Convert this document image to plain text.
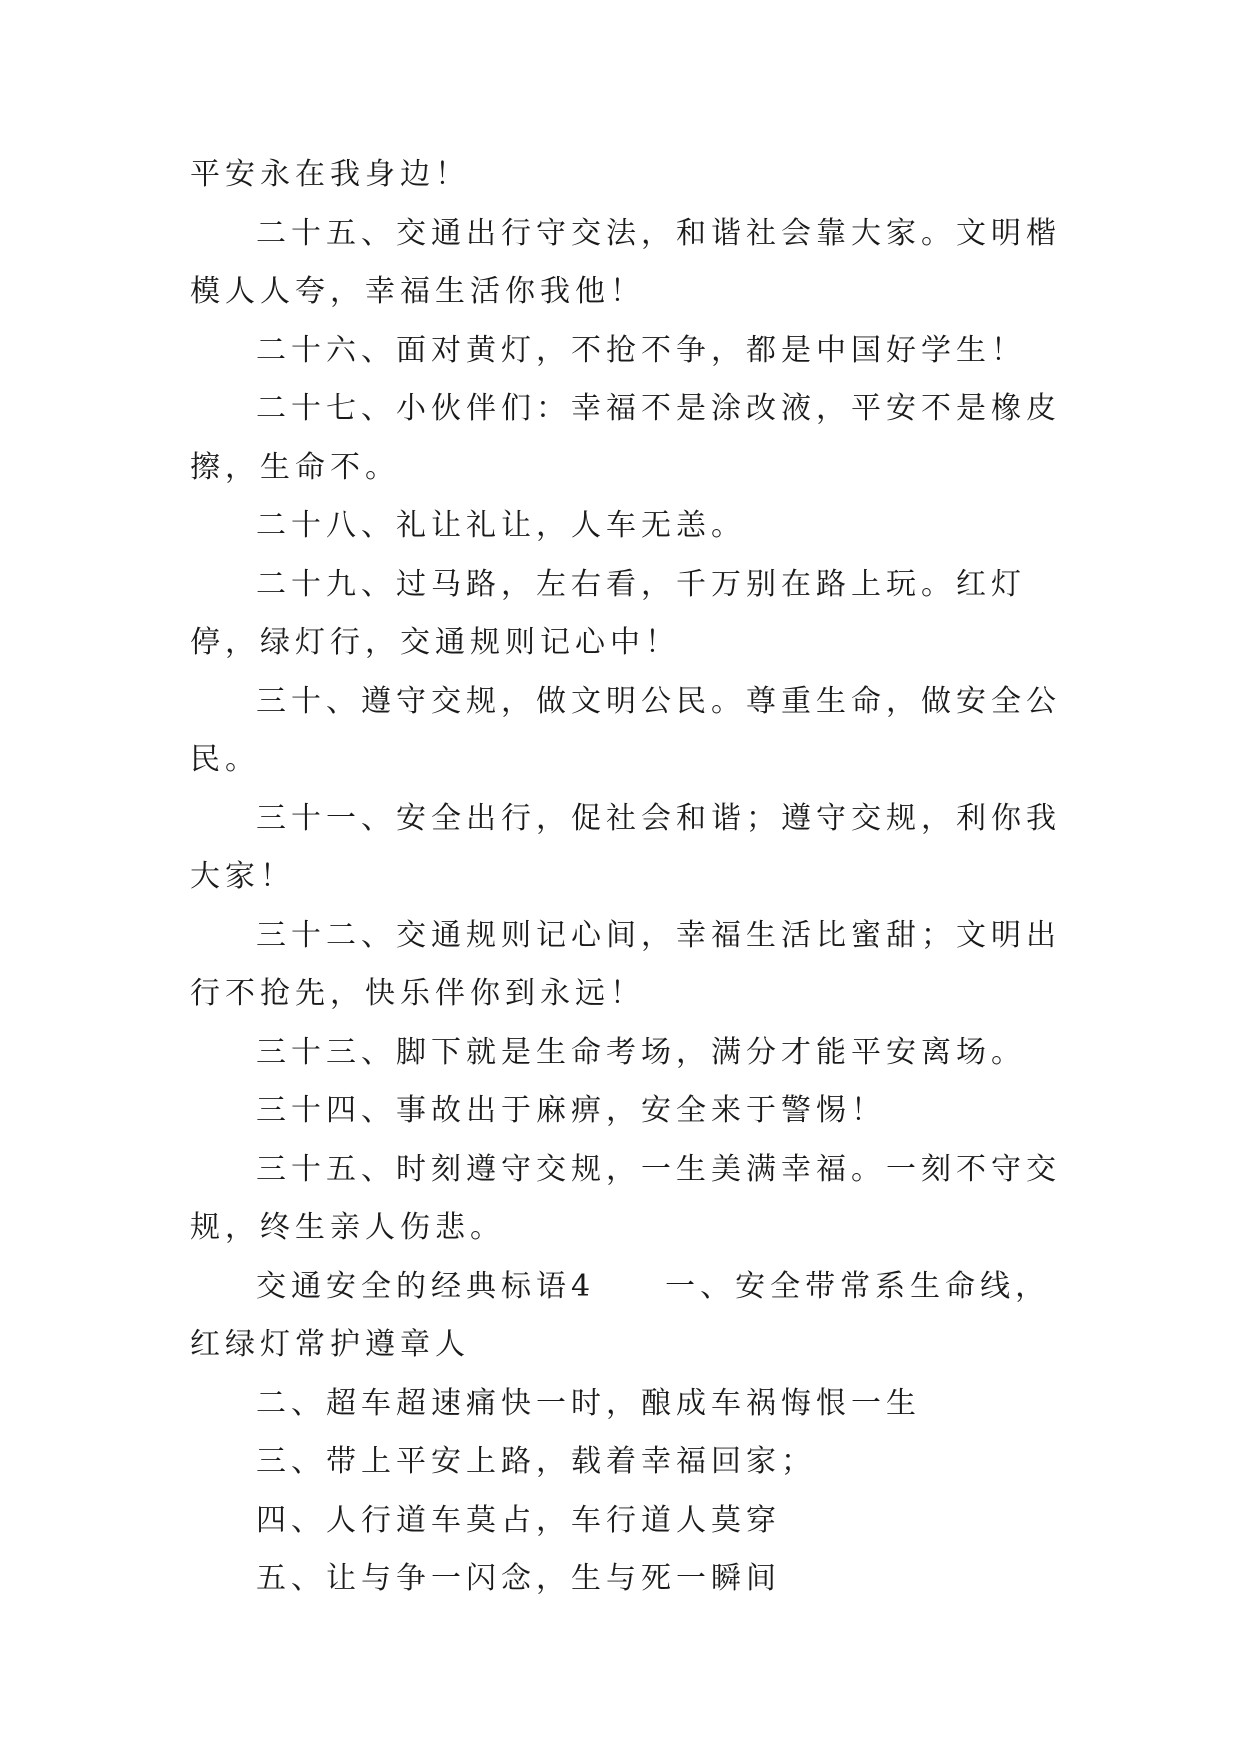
平安永在我身边！

二十五、交通出行守交法，和谐社会靠大家。文明楷模人人夸，幸福生活你我他！

二十六、面对黄灯，不抢不争，都是中国好学生！

二十七、小伙伴们：幸福不是涂改液，平安不是橡皮擦，生命不。

二十八、礼让礼让，人车无恙。

二十九、过马路，左右看，千万别在路上玩。红灯停，绿灯行，交通规则记心中！

三十、遵守交规，做文明公民。尊重生命，做安全公民。

三十一、安全出行，促社会和谐；遵守交规，利你我大家！

三十二、交通规则记心间，幸福生活比蜜甜；文明出行不抢先，快乐伴你到永远！

三十三、脚下就是生命考场，满分才能平安离场。

三十四、事故出于麻痹，安全来于警惕！

三十五、时刻遵守交规，一生美满幸福。一刻不守交规，终生亲人伤悲。

交通安全的经典标语4　　一、安全带常系生命线，红绿灯常护遵章人

二、超车超速痛快一时，酿成车祸悔恨一生

三、带上平安上路，载着幸福回家；

四、人行道车莫占，车行道人莫穿

五、让与争一闪念，生与死一瞬间
